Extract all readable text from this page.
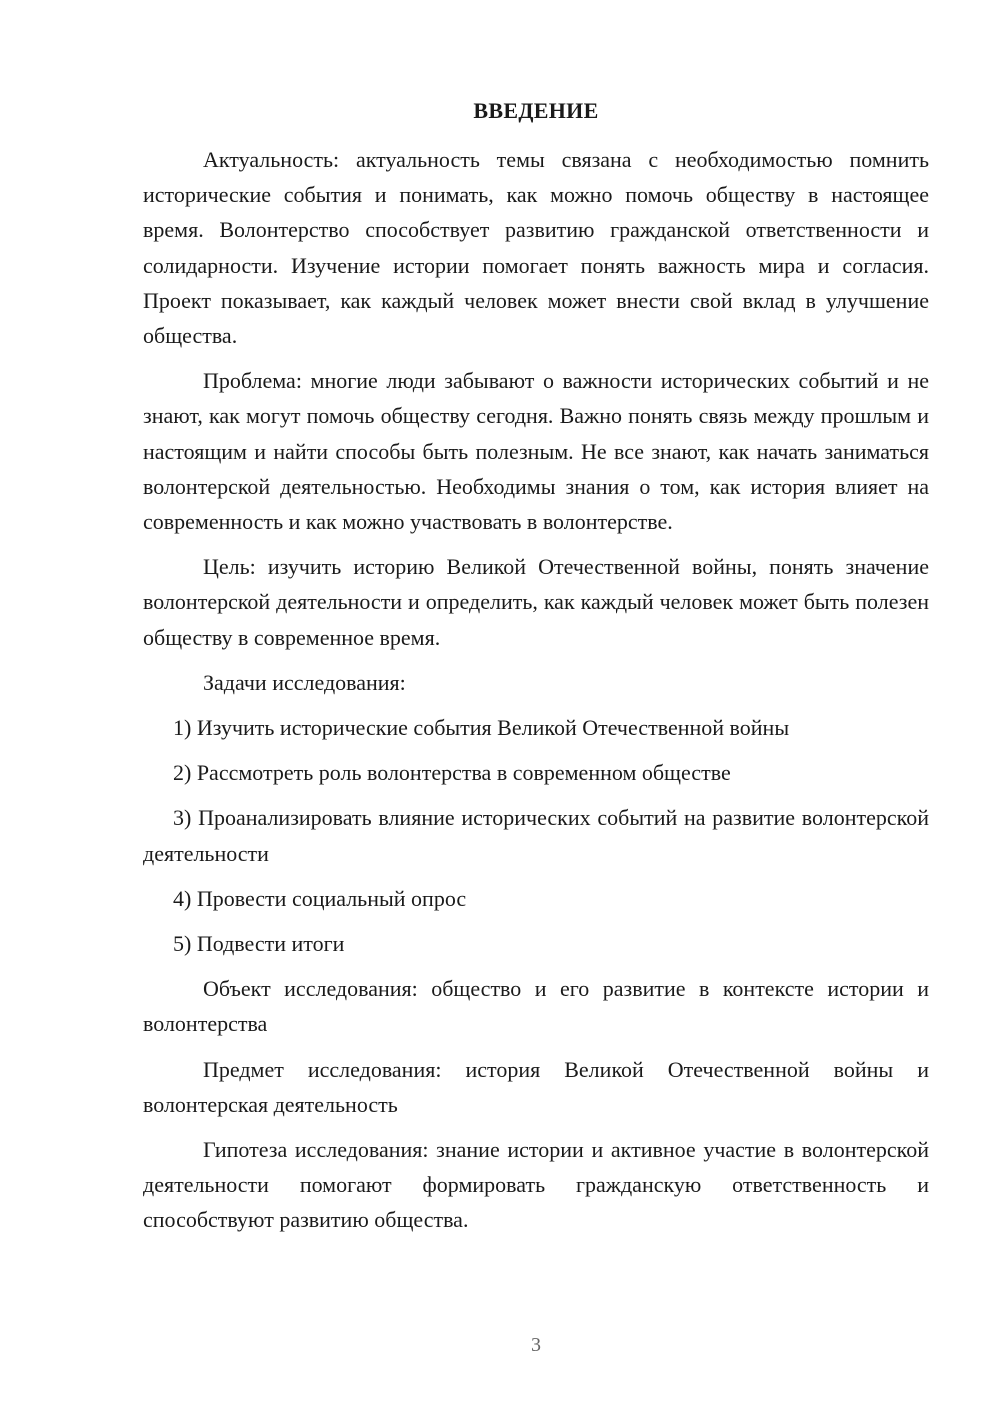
ВВЕДЕНИЕ

Актуальность: актуальность темы связана с необходимостью помнить исторические события и понимать, как можно помочь обществу в настоящее время. Волонтерство способствует развитию гражданской ответственности и солидарности. Изучение истории помогает понять важность мира и согласия. Проект показывает, как каждый человек может внести свой вклад в улучшение общества.

Проблема: многие люди забывают о важности исторических событий и не знают, как могут помочь обществу сегодня. Важно понять связь между прошлым и настоящим и найти способы быть полезным. Не все знают, как начать заниматься волонтерской деятельностью. Необходимы знания о том, как история влияет на современность и как можно участвовать в волонтерстве.

Цель: изучить историю Великой Отечественной войны, понять значение волонтерской деятельности и определить, как каждый человек может быть полезен обществу в современное время.

Задачи исследования:

1) Изучить исторические события Великой Отечественной войны

2) Рассмотреть роль волонтерства в современном обществе

3) Проанализировать влияние исторических событий на развитие волонтерской деятельности

4) Провести социальный опрос

5) Подвести итоги

Объект исследования: общество и его развитие в контексте истории и волонтерства

Предмет исследования: история Великой Отечественной войны и волонтерская деятельность

Гипотеза исследования: знание истории и активное участие в волонтерской деятельности помогают формировать гражданскую ответственность и способствуют развитию общества.

3
